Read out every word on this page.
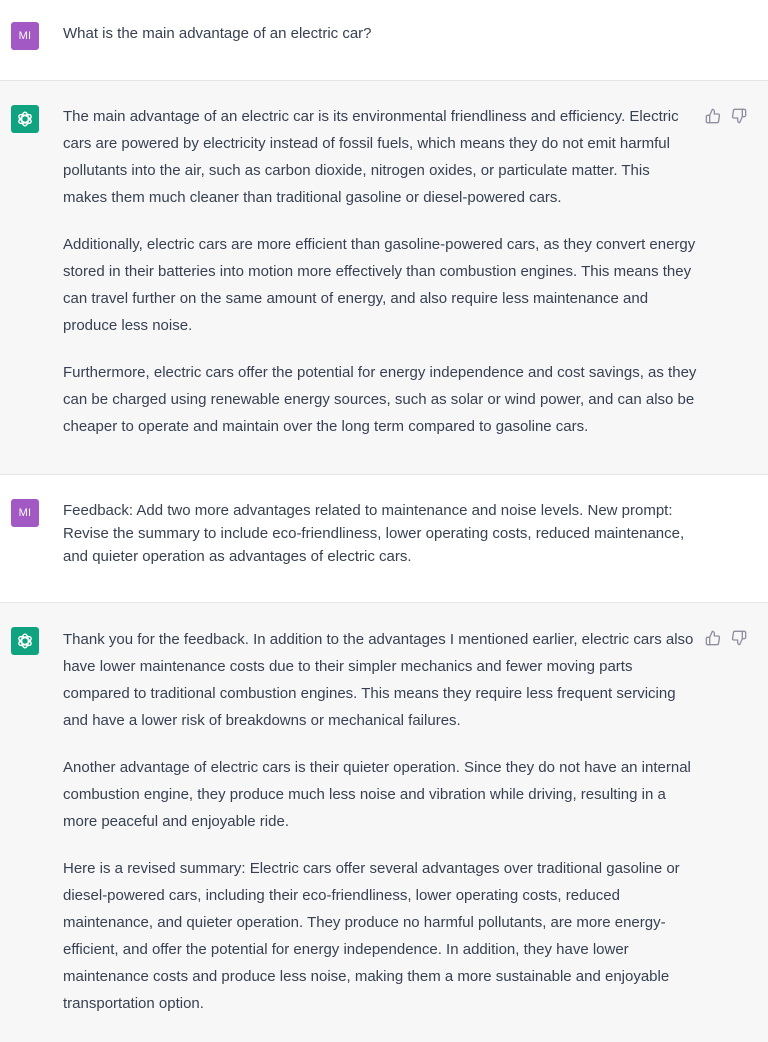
MI What is the main advantage of an electric car?

The main advantage of an electric car is its environmental friendliness and efficiency. Electric cars are powered by electricity instead of fossil fuels, which means they do not emit harmful pollutants into the air, such as carbon dioxide, nitrogen oxides, or particulate matter. This makes them much cleaner than traditional gasoline or diesel-powered cars.

Additionally, electric cars are more efficient than gasoline-powered cars, as they convert energy stored in their batteries into motion more effectively than combustion engines. This means they can travel further on the same amount of energy, and also require less maintenance and produce less noise.

Furthermore, electric cars offer the potential for energy independence and cost savings, as they can be charged using renewable energy sources, such as solar or wind power, and can also be cheaper to operate and maintain over the long term compared to gasoline cars.

MI Feedback: Add two more advantages related to maintenance and noise levels. New prompt: Revise the summary to include eco-friendliness, lower operating costs, reduced maintenance, and quieter operation as advantages of electric cars.

Thank you for the feedback. In addition to the advantages I mentioned earlier, electric cars also have lower maintenance costs due to their simpler mechanics and fewer moving parts compared to traditional combustion engines. This means they require less frequent servicing and have a lower risk of breakdowns or mechanical failures.

Another advantage of electric cars is their quieter operation. Since they do not have an internal combustion engine, they produce much less noise and vibration while driving, resulting in a more peaceful and enjoyable ride.

Here is a revised summary: Electric cars offer several advantages over traditional gasoline or diesel-powered cars, including their eco-friendliness, lower operating costs, reduced maintenance, and quieter operation. They produce no harmful pollutants, are more energy-efficient, and offer the potential for energy independence. In addition, they have lower maintenance costs and produce less noise, making them a more sustainable and enjoyable transportation option.
